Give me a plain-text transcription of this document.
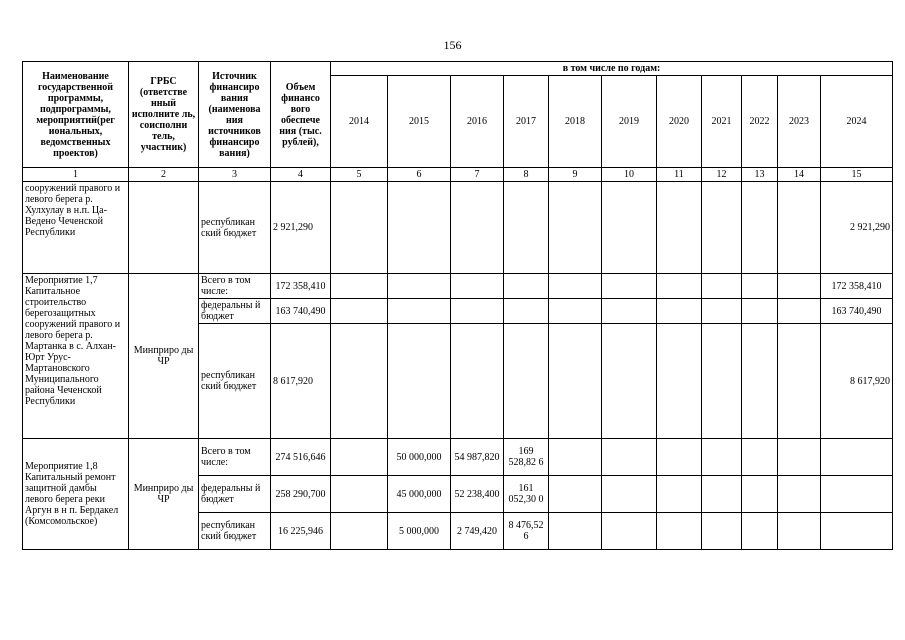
156
Наименование государственной программы, подпрограммы, мероприятий(рег иональных, ведомственных проектов)	ГРБС (ответстве нный исполните ль, соисполни тель, участник)	Источник финансиро вания (наименова ния источников финансиро вания)	Объем финансо вого обеспече ния (тыс. рублей),	в том числе по годам:										
				2014	2015	2016	2017	2018	2019	2020	2021	2022	2023	2024
1	2	3	4	5	6	7	8	9	10	11	12	13	14	15
сооружений правого и левого берега р. Хулхулау в н.п. Ца-Ведено Чеченской Республики		республикан ский бюджет	2 921,290											2 921,290
Мероприятие 1,7 Капитальное строительство берегозащитных сооружений правого и левого берега р. Мартанка в с. Алхан-Юрт Урус-Мартановского Муниципального района Чеченской Республики	Минприро ды ЧР	Всего в том числе:	172 358,410											172 358,410
		федеральны й бюджет	163 740,490											163 740,490
		республикан ский бюджет	8 617,920											8 617,920
Мероприятие 1,8 Капитальный ремонт защитной дамбы левого берега реки Аргун в н п. Бердакел (Комсомольское)	Минприро ды ЧР	Всего в том числе:	274 516,646		50 000,000	54 987,820	169 528,82 6							
		федеральны й бюджет	258 290,700		45 000,000	52 238,400	161 052,30 0							
		республикан ский бюджет	16 225,946		5 000,000	2 749,420	8 476,52 6							
